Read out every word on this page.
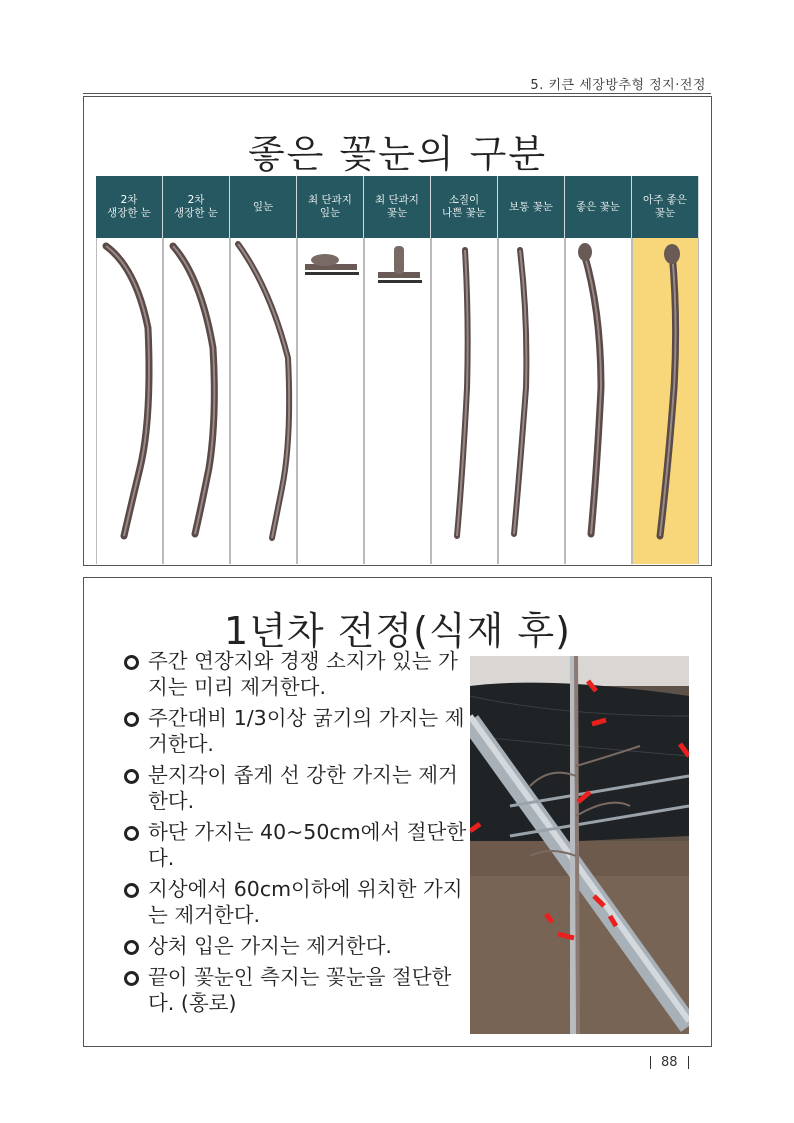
5. 키큰 세장방추형 정지·전정
좋은 꽃눈의 구분
2차
생장한 눈
2차
생장한 눈
잎눈
최 단과지
잎눈
최 단과지
꽃눈
소질이
나쁜 꽃눈
보통 꽃눈	좋은 꽃눈
아주 좋은
꽃눈
1년차 전정(식재 후)
주간 연장지와 경쟁 소지가 있는 가지는 미리 제거한다.
주간대비 1/3이상 굵기의 가지는 제거한다.
분지각이 좁게 선 강한 가지는 제거한다.
하단 가지는 40~50cm에서 절단한다.
지상에서 60cm이하에 위치한 가지는 제거한다.
상처 입은 가지는 제거한다.
끝이 꽃눈인 측지는 꽃눈을 절단한다. (홍로)
88
